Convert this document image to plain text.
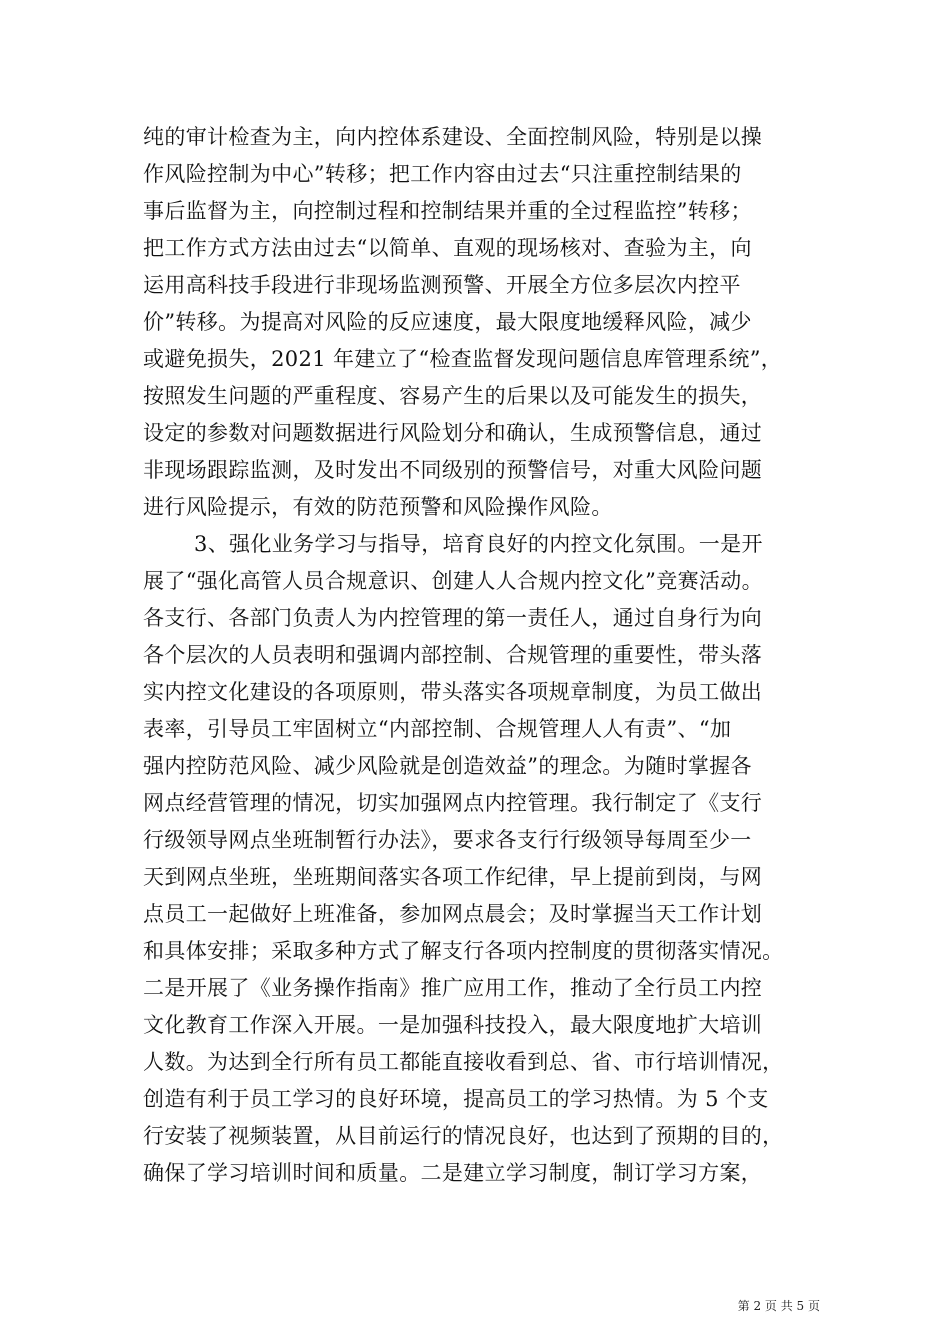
纯的审计检查为主，向内控体系建设、全面控制风险，特别是以操
作风险控制为中心”转移；把工作内容由过去“只注重控制结果的
事后监督为主，向控制过程和控制结果并重的全过程监控”转移；
把工作方式方法由过去“以简单、直观的现场核对、查验为主，向
运用高科技手段进行非现场监测预警、开展全方位多层次内控平
价”转移。为提高对风险的反应速度，最大限度地缓释风险，减少
或避免损失，2021 年建立了“检查监督发现问题信息库管理系统”，
按照发生问题的严重程度、容易产生的后果以及可能发生的损失，
设定的参数对问题数据进行风险划分和确认，生成预警信息，通过
非现场跟踪监测，及时发出不同级别的预警信号，对重大风险问题
进行风险提示，有效的防范预警和风险操作风险。
3、强化业务学习与指导，培育良好的内控文化氛围。一是开
展了“强化高管人员合规意识、创建人人合规内控文化”竞赛活动。
各支行、各部门负责人为内控管理的第一责任人，通过自身行为向
各个层次的人员表明和强调内部控制、合规管理的重要性，带头落
实内控文化建设的各项原则，带头落实各项规章制度，为员工做出
表率，引导员工牢固树立“内部控制、合规管理人人有责”、“加
强内控防范风险、减少风险就是创造效益”的理念。为随时掌握各
网点经营管理的情况，切实加强网点内控管理。我行制定了《支行
行级领导网点坐班制暂行办法》，要求各支行行级领导每周至少一
天到网点坐班，坐班期间落实各项工作纪律，早上提前到岗，与网
点员工一起做好上班准备，参加网点晨会；及时掌握当天工作计划
和具体安排；采取多种方式了解支行各项内控制度的贯彻落实情况。
二是开展了《业务操作指南》推广应用工作，推动了全行员工内控
文化教育工作深入开展。一是加强科技投入，最大限度地扩大培训
人数。为达到全行所有员工都能直接收看到总、省、市行培训情况，
创造有利于员工学习的良好环境，提高员工的学习热情。为 5 个支
行安装了视频装置，从目前运行的情况良好，也达到了预期的目的，
确保了学习培训时间和质量。二是建立学习制度，制订学习方案，
第 2 页 共 5 页
